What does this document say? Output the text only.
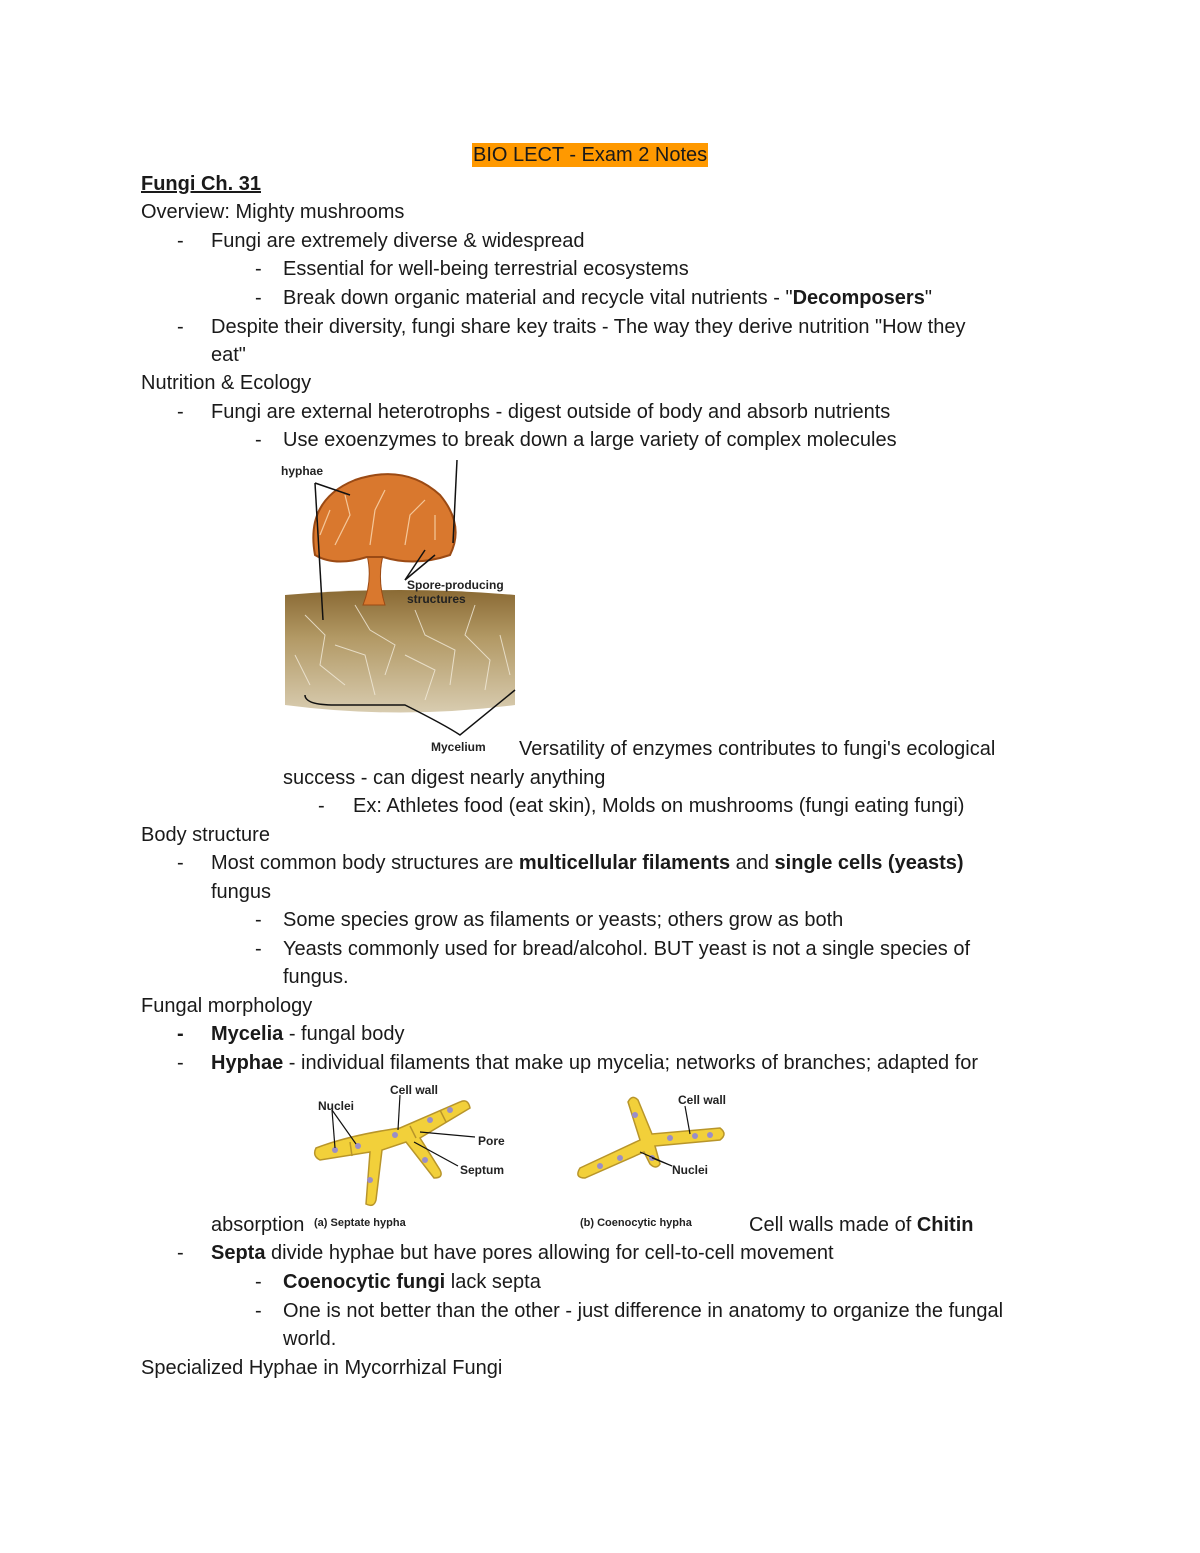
BIO LECT - Exam 2 Notes
Fungi Ch. 31
Overview: Mighty mushrooms
- Fungi are extremely diverse & widespread
- Essential for well-being terrestrial ecosystems
- Break down organic material and recycle vital nutrients - "Decomposers"
- Despite their diversity, fungi share key traits - The way they derive nutrition "How they
eat"
Nutrition & Ecology
- Fungi are external heterotrophs - digest outside of body and absorb nutrients
- Use exoenzymes to break down a large variety of complex molecules
hyphae
Spore-producing
structures
Mycelium Versatility of enzymes contributes to fungi's ecological
success - can digest nearly anything
- Ex: Athletes food (eat skin), Molds on mushrooms (fungi eating fungi)
Body structure
- Most common body structures are multicellular filaments and single cells (yeasts)
fungus
- Some species grow as filaments or yeasts; others grow as both
- Yeasts commonly used for bread/alcohol. BUT yeast is not a single species of
fungus.
Fungal morphology
- Mycelia - fungal body
- Hyphae - individual filaments that make up mycelia; networks of branches; adapted for
Nuclei
Cell wall
Pore
Septum
Cell wall
Nuclei
(a) Septate hypha	(b) Coenocytic hypha
absorption	Cell walls made of Chitin
- Septa divide hyphae but have pores allowing for cell-to-cell movement
- Coenocytic fungi lack septa
- One is not better than the other - just difference in anatomy to organize the fungal
world.
Specialized Hyphae in Mycorrhizal Fungi
